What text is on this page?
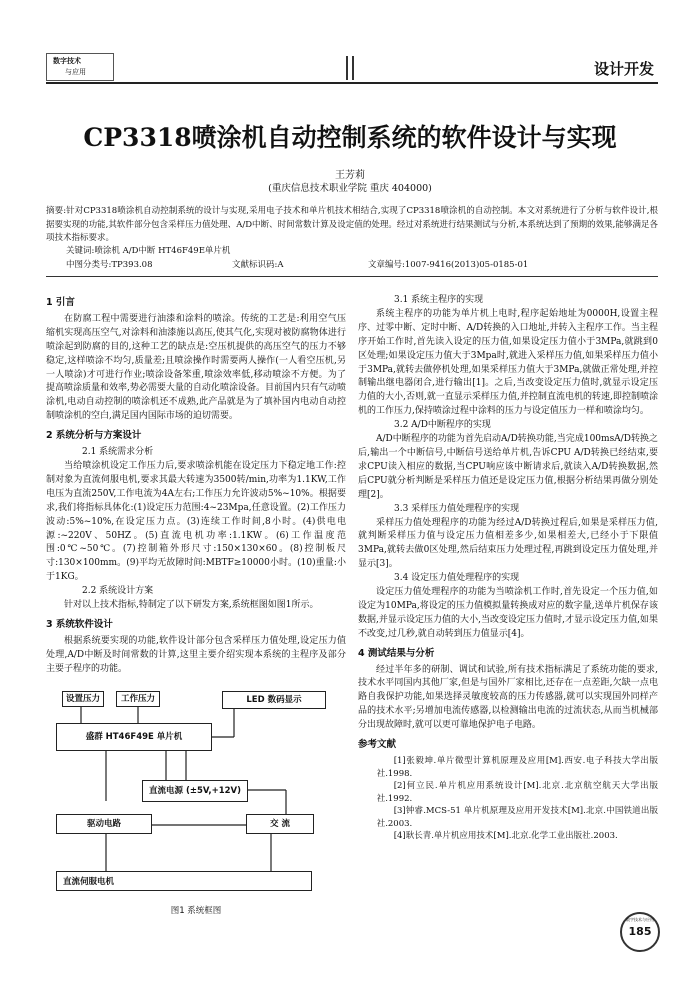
数字技术
与应用	设计开发
CP3318喷涂机自动控制系统的软件设计与实现
王芳莉
(重庆信息技术职业学院 重庆 404000)
摘要:针对CP3318喷涂机自动控制系统的设计与实现,采用电子技术和单片机技术相结合,实现了CP3318喷涂机的自动控制。本文对系统进行了分析与软件设计,根据要实现的功能,其软件部分包含采样压力值处理、A/D中断、时间常数计算及设定值的处理。经过对系统进行结果测试与分析,本系统达到了预期的效果,能够满足各项技术指标要求。
关键词:喷涂机 A/D中断 HT46F49E单片机
中图分类号:TP393.08	文献标识码:A	文章编号:1007-9416(2013)05-0185-01
1 引言

在防腐工程中需要进行油漆和涂料的喷涂。传统的工艺是:利用空气压缩机实现高压空气,对涂料和油漆施以高压,使其气化,实现对被防腐物体进行喷涂起到防腐的目的,这种工艺的缺点是:空压机提供的高压空气的压力不够稳定,这样喷涂不均匀,质量差;且喷涂操作时需要两人操作(一人看空压机,另一人喷涂)才可进行作业;喷涂设备笨重,喷涂效率低,移动喷涂不方便。为了提高喷涂质量和效率,势必需要大量的自动化喷涂设备。目前国内只有气动喷涂机,电动自动控制的喷涂机还不成熟,此产品就是为了填补国内电动自动控制喷涂机的空白,满足国内国际市场的迫切需要。

2 系统分析与方案设计

2.1 系统需求分析

当给喷涂机设定工作压力后,要求喷涂机能在设定压力下稳定地工作:控制对象为直流伺服电机,要求其最大转速为3500转/min,功率为1.1KW,工作电压为直流250V,工作电流为4A左右;工作压力允许波动5%~10%。根据要求,我们将指标具体化:(1)设定压力范围:4~23Mpa,任意设置。(2)工作压力波动:5%~10%,在设定压力点。(3)连续工作时间,8小时。(4)供电电源:~220V、50HZ。(5)直流电机功率:1.1KW。(6)工作温度范围:0℃~50℃。(7)控制箱外形尺寸:150×130×60。(8)控制板尺寸:130×100mm。(9)平均无故障时间:MBTF≥10000小时。(10)重量:小于1KG。

2.2 系统设计方案

针对以上技术指标,特制定了以下研发方案,系统框图如图1所示。

3 系统软件设计

根据系统要实现的功能,软件设计部分包含采样压力值处理,设定压力值处理,A/D中断及时间常数的计算,这里主要介绍实现本系统的主程序及部分主要子程序的功能。

设置压力	工作压力	LED 数码显示
盛群 HT46F49E 单片机
直流电源 (±5V,+12V)
驱动电路	交 流
直流伺服电机
图1 系统框图

3.1 系统主程序的实现

系统主程序的功能为单片机上电时,程序起始地址为0000H,设置主程序、过零中断、定时中断、A/D转换的入口地址,并转入主程序工作。当主程序开始工作时,首先读入设定的压力值,如果设定压力值小于3MPa,就跳到0区处理;如果设定压力值大于3Mpa时,就进入采样压力值,如果采样压力值小于3MPa,就转去做停机处理,如果采样压力值大于3MPa,就做正常处理,并控制输出继电器闭合,进行输出[1]。之后,当改变设定压力值时,就显示设定压力值的大小,否则,就一直显示采样压力值,并控制直流电机的转速,即控制喷涂机的工作压力,保持喷涂过程中涂料的压力与设定值压力一样和喷涂均匀。

3.2 A/D中断程序的实现

A/D中断程序的功能为首先启动A/D转换功能,当完成100msA/D转换之后,输出一个中断信号,中断信号送给单片机,告诉CPU A/D转换已经结束,要求CPU读入相应的数据,当CPU响应该中断请求后,就读入A/D转换数据,然后CPU就分析判断是采样压力值还是设定压力值,根据分析结果再做分别处理[2]。

3.3 采样压力值处理程序的实现

采样压力值处理程序的功能为经过A/D转换过程后,如果是采样压力值,就判断采样压力值与设定压力值相差多少,如果相差大,已经小于下限值3MPa,就转去做0区处理,然后结束压力处理过程,再跳到设定压力值处理,并显示[3]。

3.4 设定压力值处理程序的实现

设定压力值处理程序的功能为当喷涂机工作时,首先设定一个压力值,如设定为10MPa,将设定的压力值模拟量转换成对应的数字量,送单片机保存该数据,并显示设定压力值的大小,当改变设定压力值时,才显示设定压力值,如果不改变,过几秒,就自动转到压力值显示[4]。

4 测试结果与分析

经过半年多的研制、调试和试验,所有技术指标满足了系统功能的要求,技术水平同国内其他厂家,但是与国外厂家相比,还存在一点差距,欠缺一点电路自我保护功能,如果选择灵敏度较高的压力传感器,就可以实现国外同样产品的技术水平;另增加电流传感器,以检测输出电流的过流状态,从而当机械部分出现故障时,就可以更可靠地保护电子电路。

参考文献

[1]张毅坤.单片微型计算机原理及应用[M].西安.电子科技大学出版社.1998.

[2]何立民.单片机应用系统设计[M].北京.北京航空航天大学出版社.1992.

[3]钟睿.MCS-51 单片机原理及应用开发技术[M].北京.中国铁道出版社.2003.

[4]耿长青.单片机应用技术[M].北京.化学工业出版社.2003.

数字技术与应用
185
